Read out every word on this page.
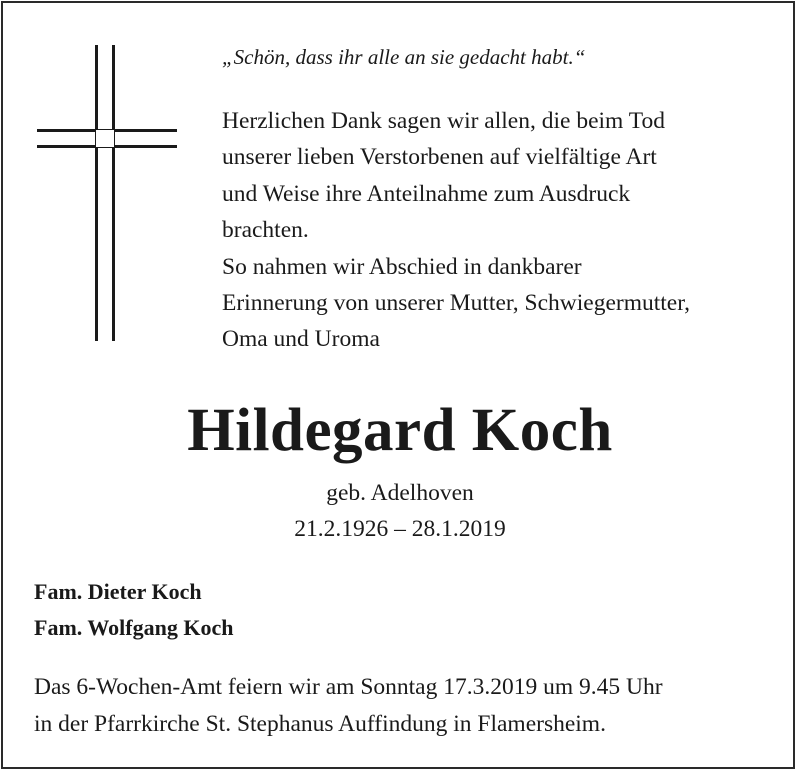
„Schön, dass ihr alle an sie gedacht habt.“
Herzlichen Dank sagen wir allen, die beim Tod
unserer lieben Verstorbenen auf vielfältige Art
und Weise ihre Anteilnahme zum Ausdruck
brachten.
So nahmen wir Abschied in dankbarer
Erinnerung von unserer Mutter, Schwiegermutter,
Oma und Uroma
Hildegard Koch
geb. Adelhoven
21.2.1926 – 28.1.2019
Fam. Dieter Koch
Fam. Wolfgang Koch
Das 6-Wochen-Amt feiern wir am Sonntag 17.3.2019 um 9.45 Uhr
in der Pfarrkirche St. Stephanus Auffindung in Flamersheim.
